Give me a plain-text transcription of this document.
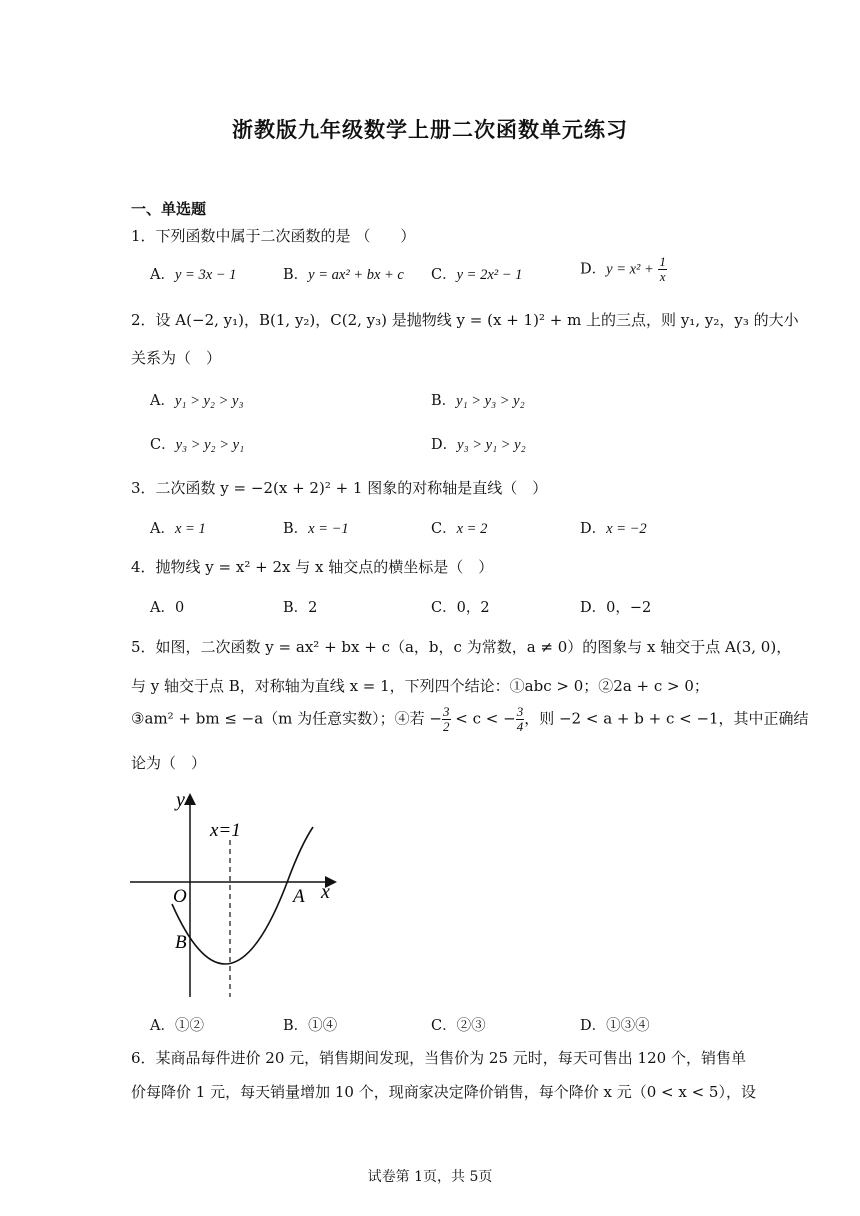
浙教版九年级数学上册二次函数单元练习
一、单选题
1．下列函数中属于二次函数的是 （　　）
A．y = 3x − 1	B．y = ax² + bx + c C．y = 2x² − 1	D．$y = x^2 + \frac{1}{x}$
2．设 A(−2, y₁)，B(1, y₂)，C(2, y₃) 是抛物线 y = (x + 1)² + m 上的三点，则 y₁, y₂，y₃ 的大小
关系为（　）
A．y₁ > y₂ > y₃	B．y₁ > y₃ > y₂
C．y₃ > y₂ > y₁	D．y₃ > y₁ > y₂
3．二次函数 y = −2(x + 2)² + 1 图象的对称轴是直线（　）
A．x = 1	B．x = −1	C．x = 2	D．x = −2
4．抛物线 y = x² + 2x 与 x 轴交点的横坐标是（　）
A．0	B．2	C．0，2	D．0，−2
5．如图，二次函数 y = ax² + bx + c（a，b，c 为常数，a ≠ 0）的图象与 x 轴交于点 A(3, 0)，
与 y 轴交于点 B，对称轴为直线 x = 1，下列四个结论：①abc > 0；②2a + c > 0；
③am² + bm ≤ −a（m 为任意实数）；④若 − $\frac{3}{2} < c$ < − $\frac{3}{4}$ ，则 −2 < a + b + c < −1，其中正确结
论为（　）
y
x
x=1
O	A
B
A．①②	B．①④	C．②③	D．①③④
6．某商品每件进价 20 元，销售期间发现，当售价为 25 元时，每天可售出 120 个，销售单
价每降价 1 元，每天销量增加 10 个，现商家决定降价销售，每个降价 x 元（0 < x < 5），设
试卷第 1页，共 5页
